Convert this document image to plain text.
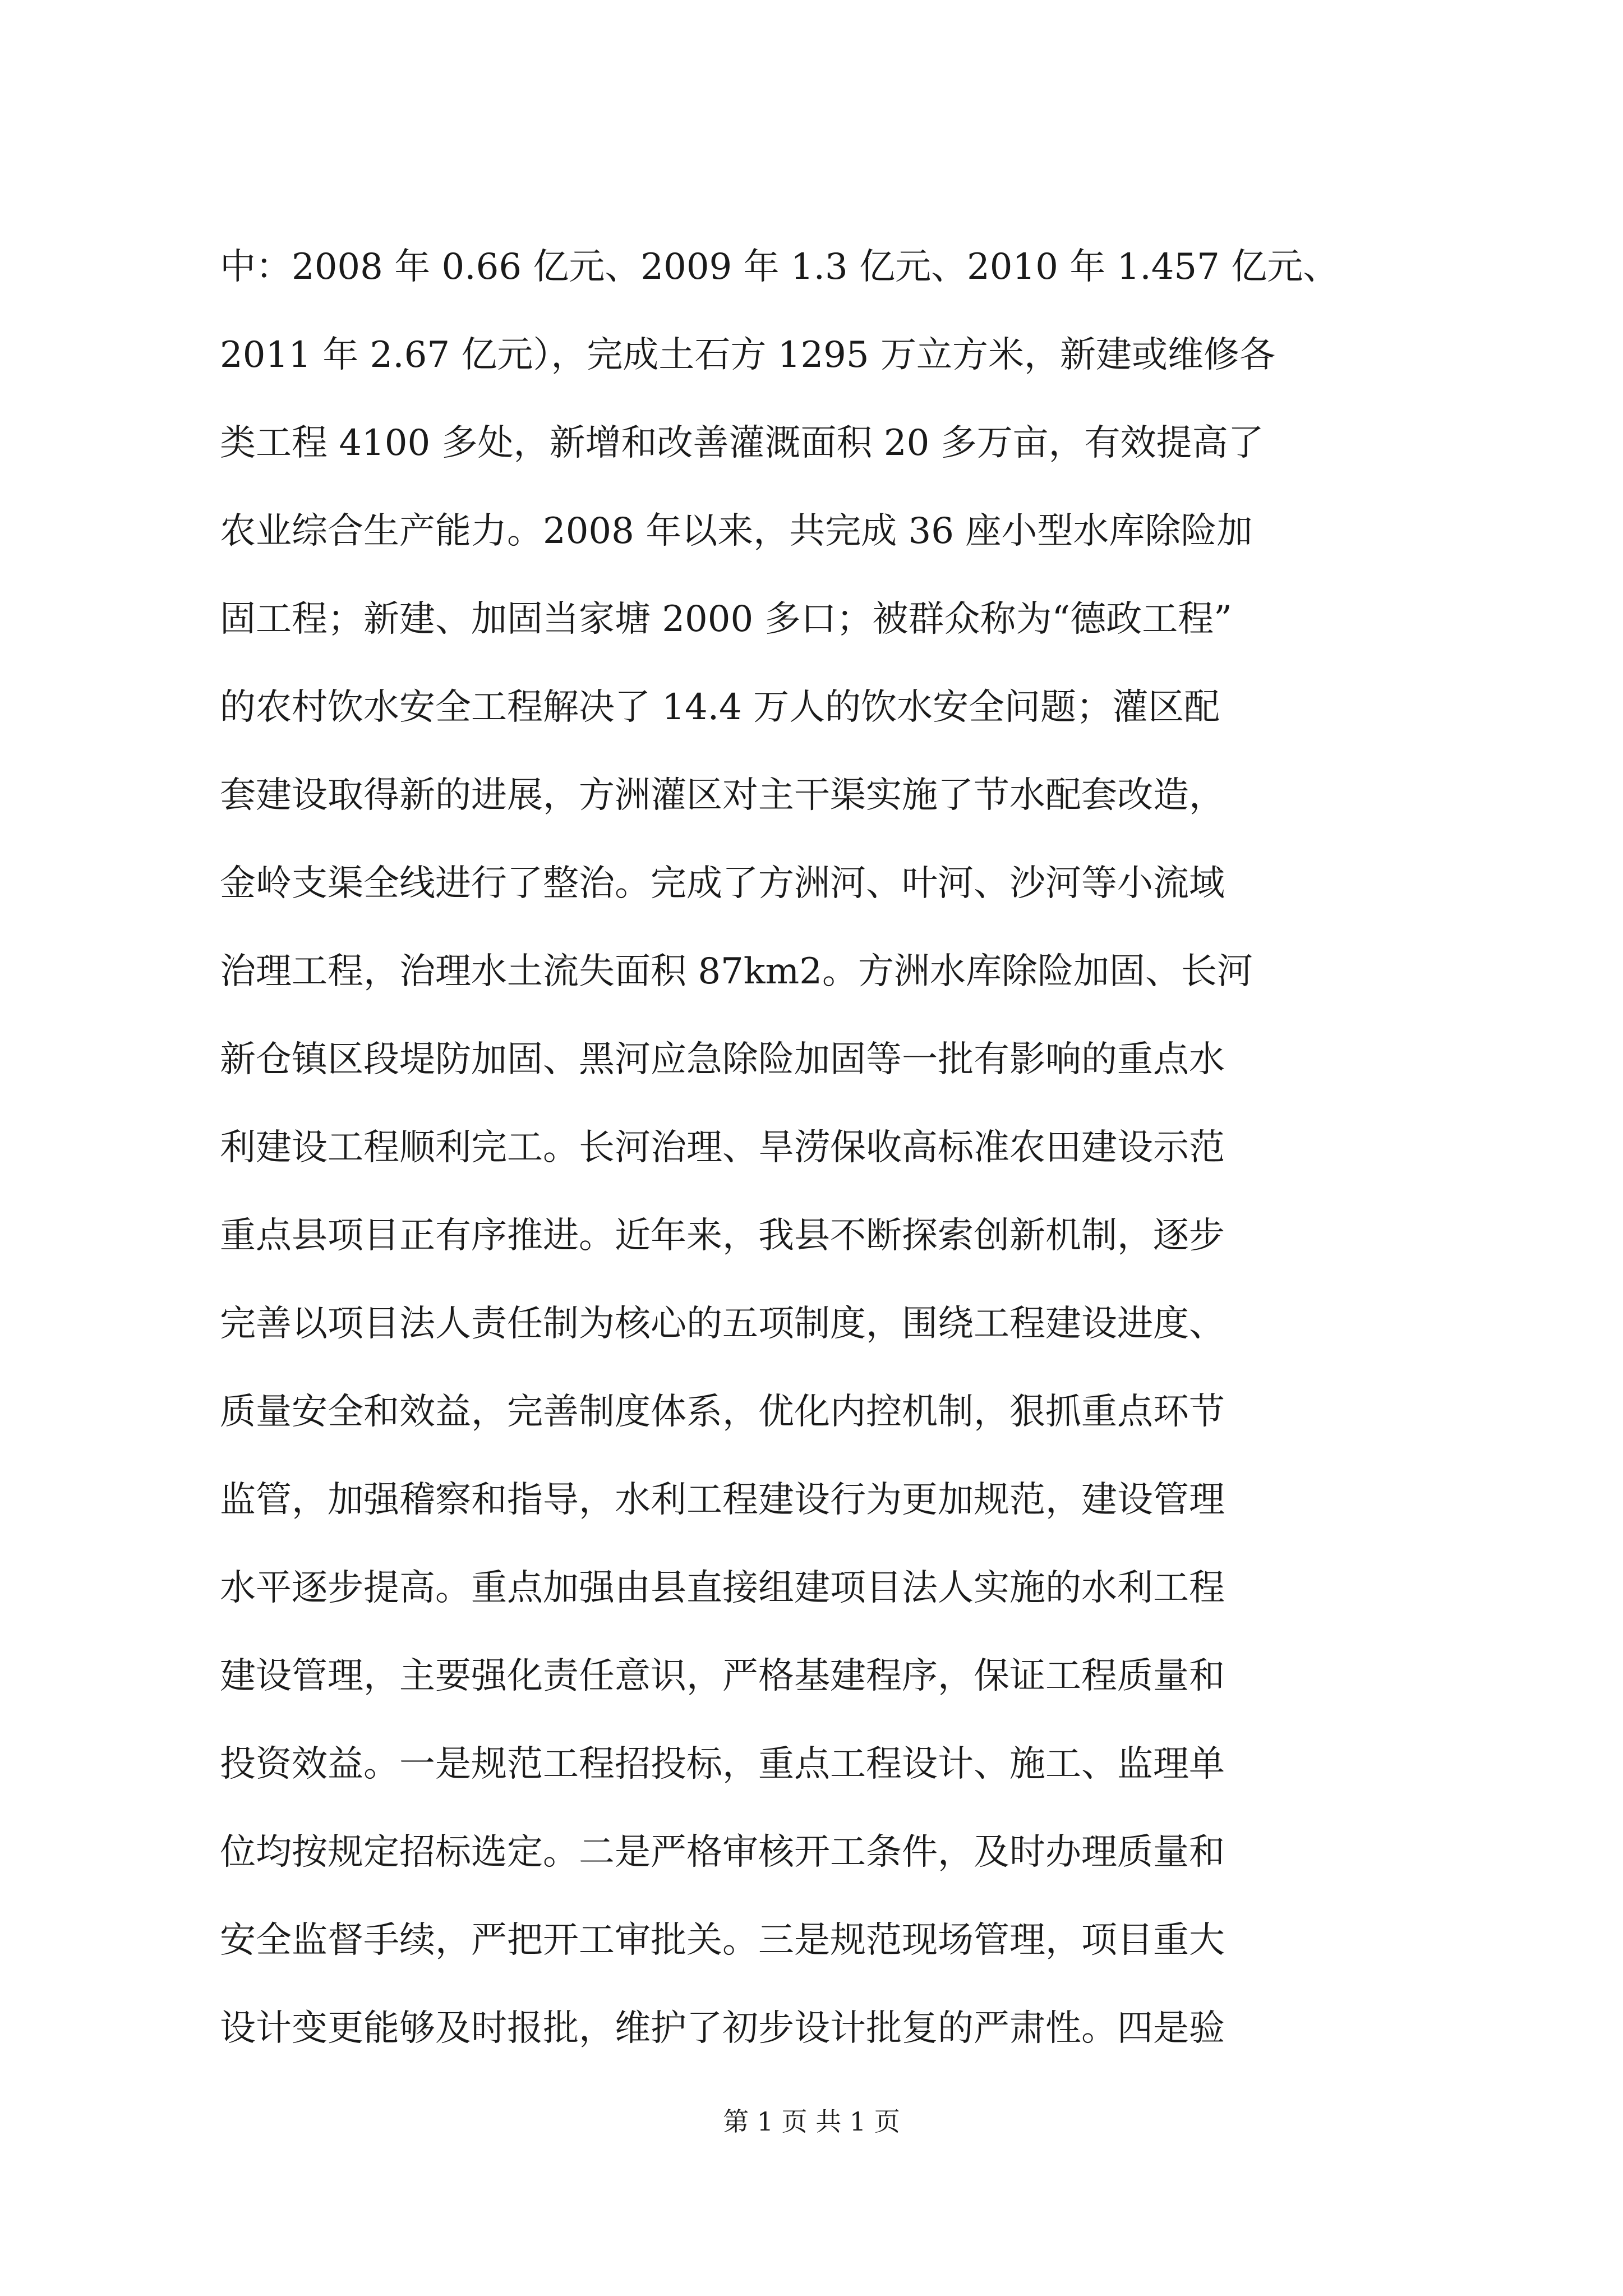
中：2008 年 0.66 亿元、2009 年 1.3 亿元、2010 年 1.457 亿元、
2011 年 2.67 亿元），完成土石方 1295 万立方米，新建或维修各
类工程 4100 多处，新增和改善灌溉面积 20 多万亩，有效提高了
农业综合生产能力。2008 年以来，共完成 36 座小型水库除险加
固工程；新建、加固当家塘 2000 多口；被群众称为“德政工程”
的农村饮水安全工程解决了 14.4 万人的饮水安全问题；灌区配
套建设取得新的进展，方洲灌区对主干渠实施了节水配套改造，
金岭支渠全线进行了整治。完成了方洲河、叶河、沙河等小流域
治理工程，治理水土流失面积 87km2。方洲水库除险加固、长河
新仓镇区段堤防加固、黑河应急除险加固等一批有影响的重点水
利建设工程顺利完工。长河治理、旱涝保收高标准农田建设示范
重点县项目正有序推进。近年来，我县不断探索创新机制，逐步
完善以项目法人责任制为核心的五项制度，围绕工程建设进度、
质量安全和效益，完善制度体系，优化内控机制，狠抓重点环节
监管，加强稽察和指导，水利工程建设行为更加规范，建设管理
水平逐步提高。重点加强由县直接组建项目法人实施的水利工程
建设管理，主要强化责任意识，严格基建程序，保证工程质量和
投资效益。一是规范工程招投标，重点工程设计、施工、监理单
位均按规定招标选定。二是严格审核开工条件，及时办理质量和
安全监督手续，严把开工审批关。三是规范现场管理，项目重大
设计变更能够及时报批，维护了初步设计批复的严肃性。四是验
第 1 页 共 1 页
